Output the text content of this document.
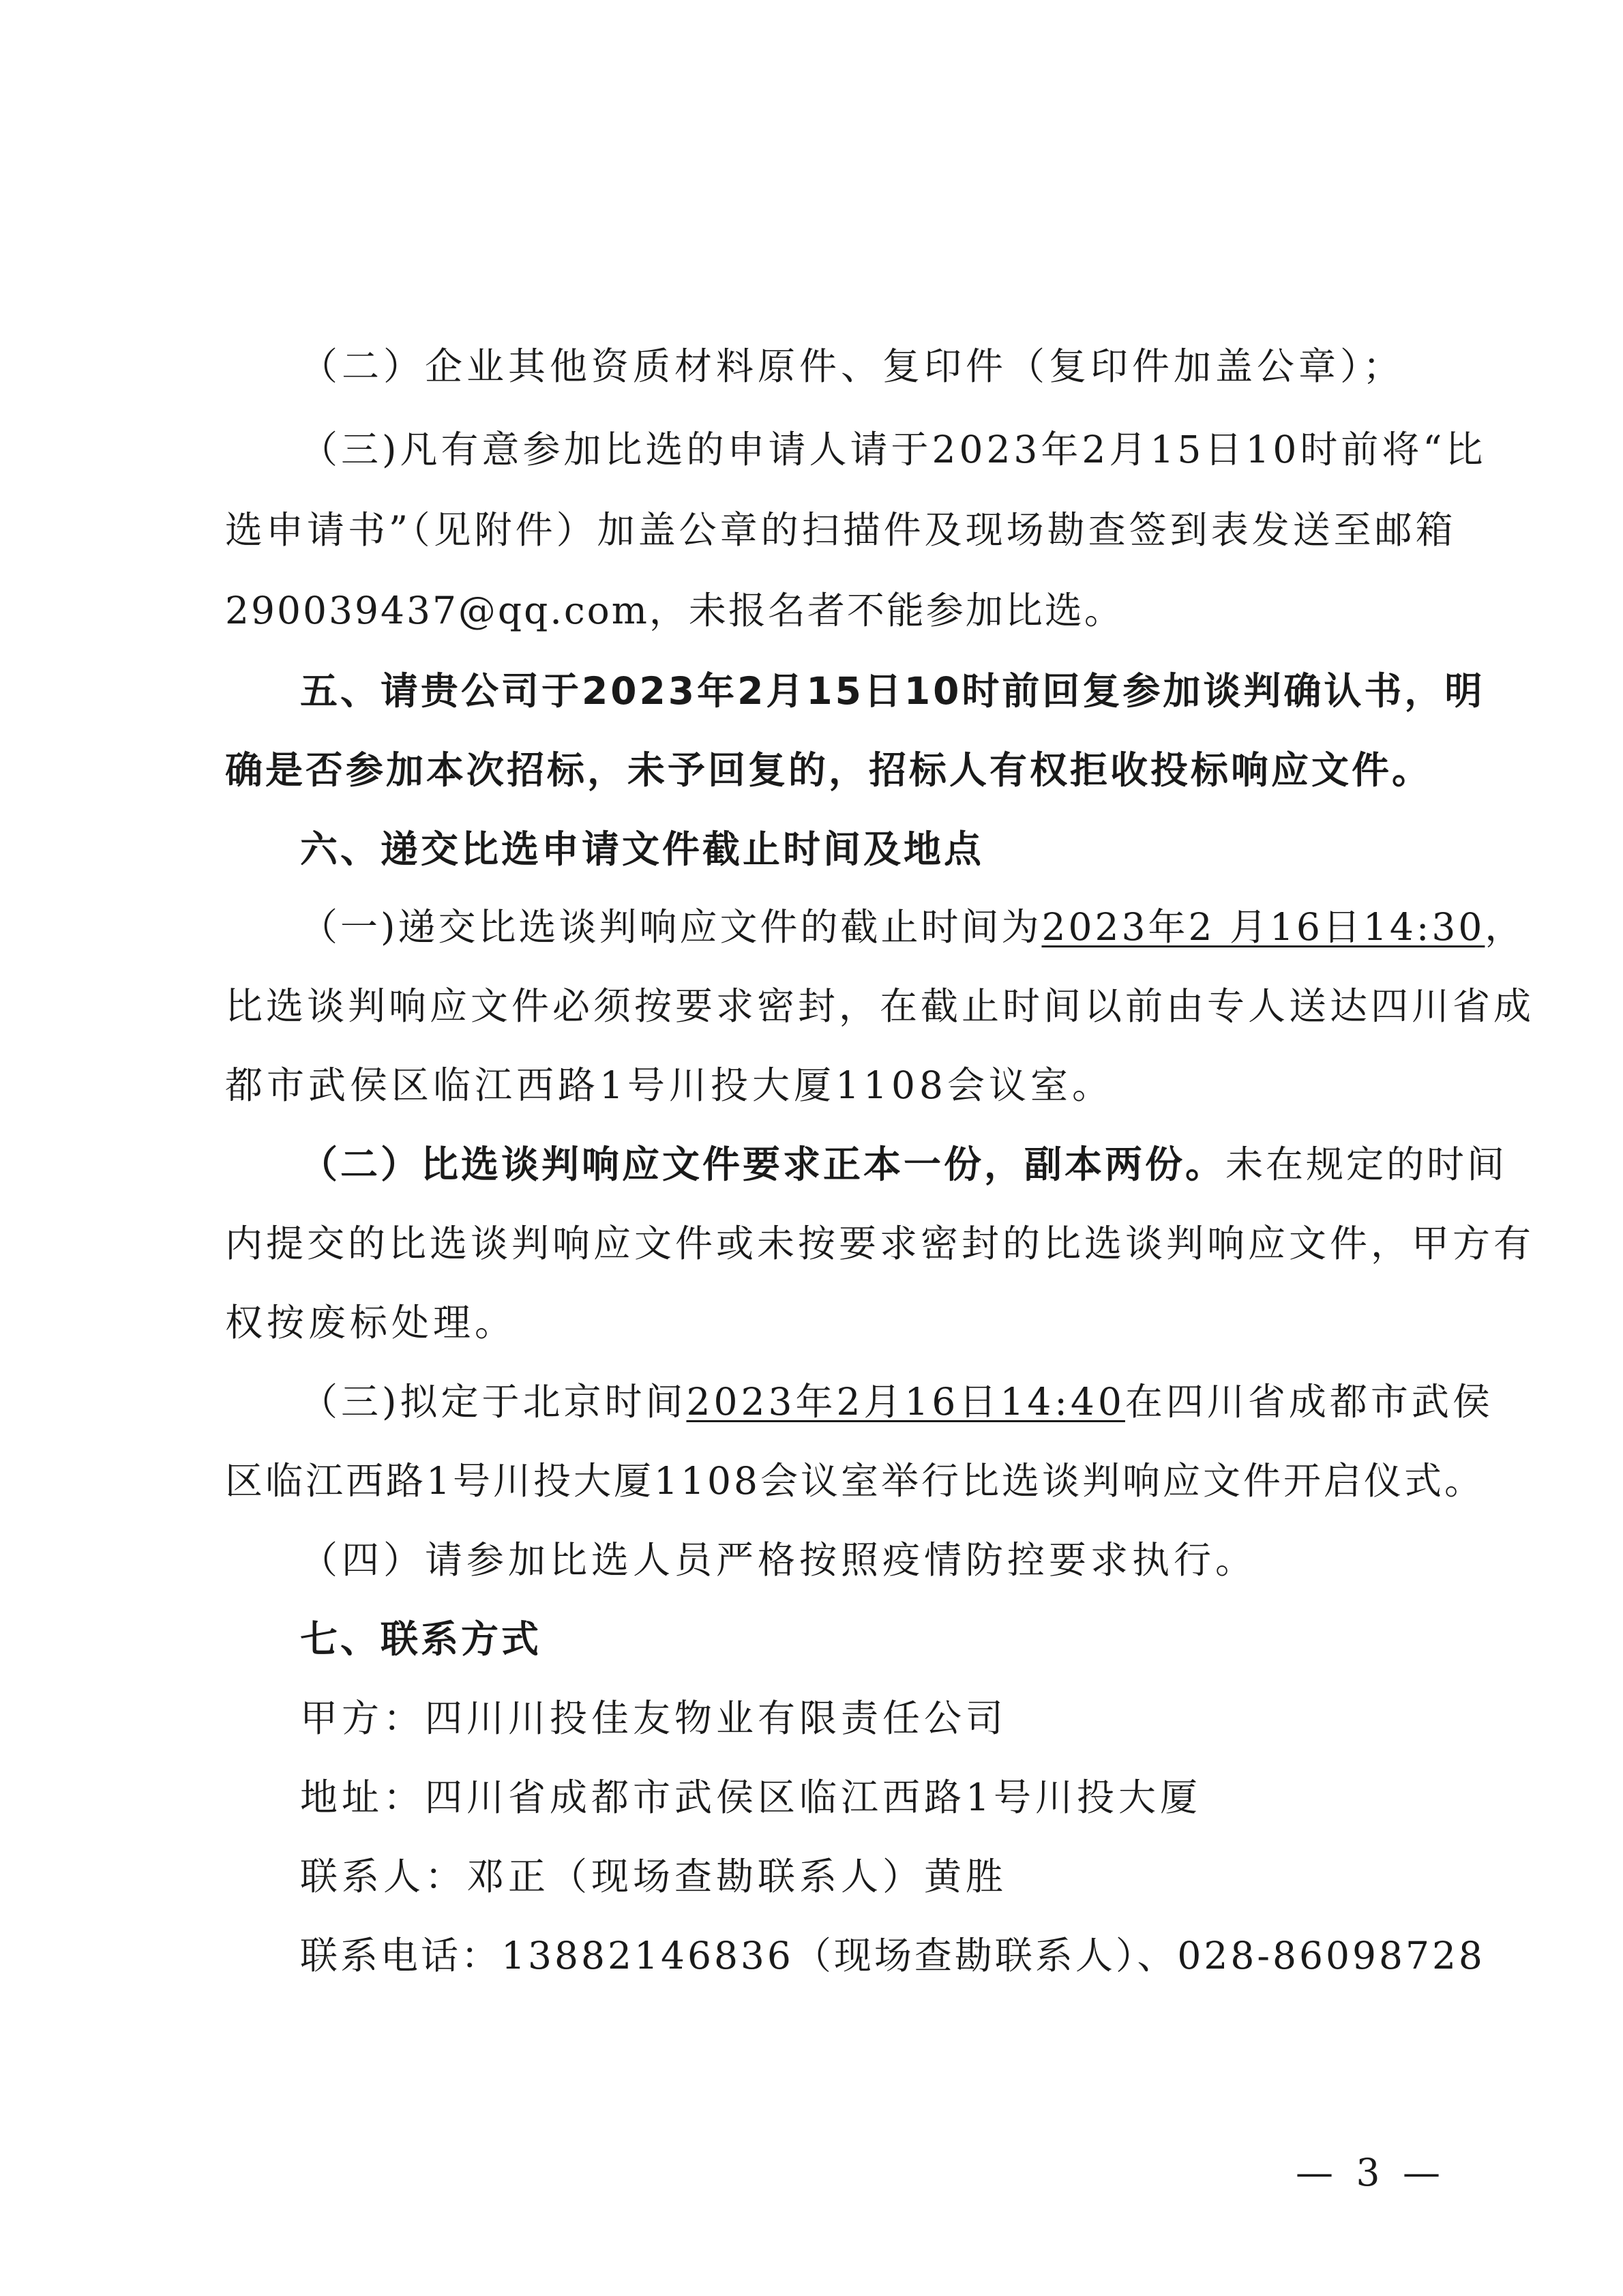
（二）企业其他资质材料原件、复印件（复印件加盖公章）；
（三)凡有意参加比选的申请人请于2023年2月15日10时前将“比
选申请书”（见附件）加盖公章的扫描件及现场勘查签到表发送至邮箱
290039437@qq.com，未报名者不能参加比选。
五、请贵公司于2023年2月15日10时前回复参加谈判确认书，明
确是否参加本次招标，未予回复的，招标人有权拒收投标响应文件。
六、递交比选申请文件截止时间及地点
（一)递交比选谈判响应文件的截止时间为2023年2 月16日14:30，
比选谈判响应文件必须按要求密封，在截止时间以前由专人送达四川省成
都市武侯区临江西路1号川投大厦1108会议室。
（二）比选谈判响应文件要求正本一份，副本两份。未在规定的时间
内提交的比选谈判响应文件或未按要求密封的比选谈判响应文件，甲方有
权按废标处理。
（三)拟定于北京时间2023年2月16日14:40在四川省成都市武侯
区临江西路1号川投大厦1108会议室举行比选谈判响应文件开启仪式。
（四）请参加比选人员严格按照疫情防控要求执行。
七、联系方式
甲方：四川川投佳友物业有限责任公司
地址：四川省成都市武侯区临江西路1号川投大厦
联系人：邓正（现场查勘联系人）黄胜
联系电话：13882146836（现场查勘联系人）、028-86098728
— 3 —
